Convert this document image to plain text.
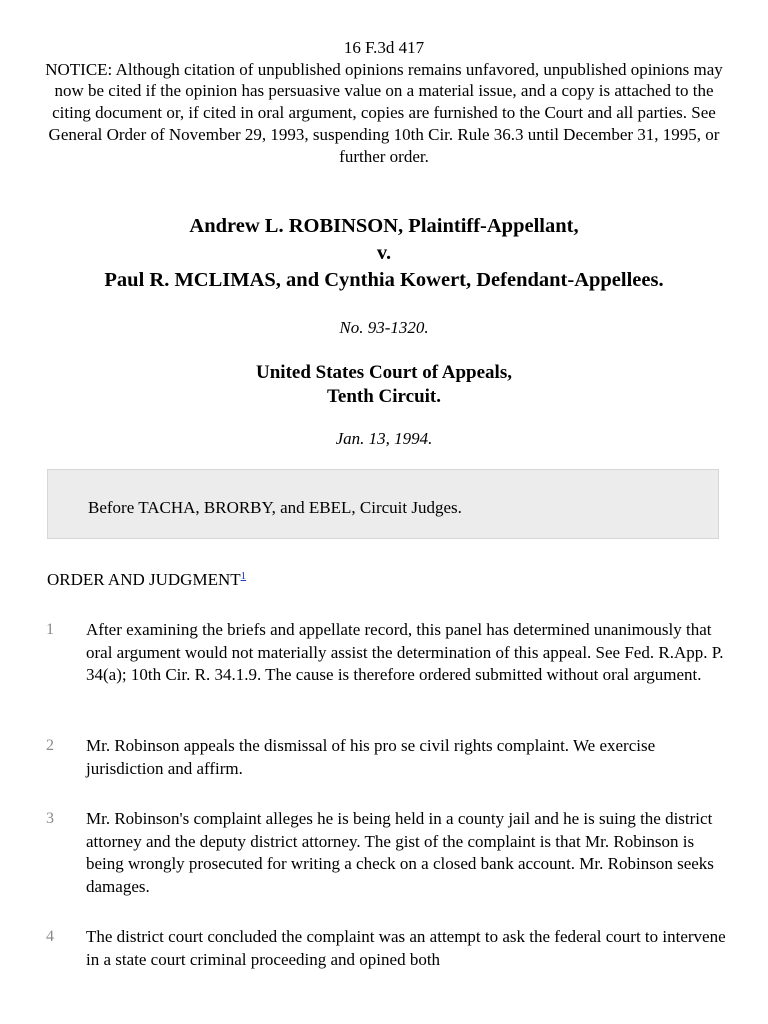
16 F.3d 417
NOTICE: Although citation of unpublished opinions remains unfavored, unpublished opinions may now be cited if the opinion has persuasive value on a material issue, and a copy is attached to the citing document or, if cited in oral argument, copies are furnished to the Court and all parties. See General Order of November 29, 1993, suspending 10th Cir. Rule 36.3 until December 31, 1995, or further order.
Andrew L. ROBINSON, Plaintiff-Appellant,
v.
Paul R. MCLIMAS, and Cynthia Kowert, Defendant-Appellees.
No. 93-1320.
United States Court of Appeals,
Tenth Circuit.
Jan. 13, 1994.
Before TACHA, BRORBY, and EBEL, Circuit Judges.
ORDER AND JUDGMENT$^1$
1 After examining the briefs and appellate record, this panel has determined unanimously that oral argument would not materially assist the determination of this appeal. See Fed. R.App. P. 34(a); 10th Cir. R. 34.1.9. The cause is therefore ordered submitted without oral argument.
2 Mr. Robinson appeals the dismissal of his pro se civil rights complaint. We exercise jurisdiction and affirm.
3 Mr. Robinson's complaint alleges he is being held in a county jail and he is suing the district attorney and the deputy district attorney. The gist of the complaint is that Mr. Robinson is being wrongly prosecuted for writing a check on a closed bank account. Mr. Robinson seeks damages.
4 The district court concluded the complaint was an attempt to ask the federal court to intervene in a state court criminal proceeding and opined both
